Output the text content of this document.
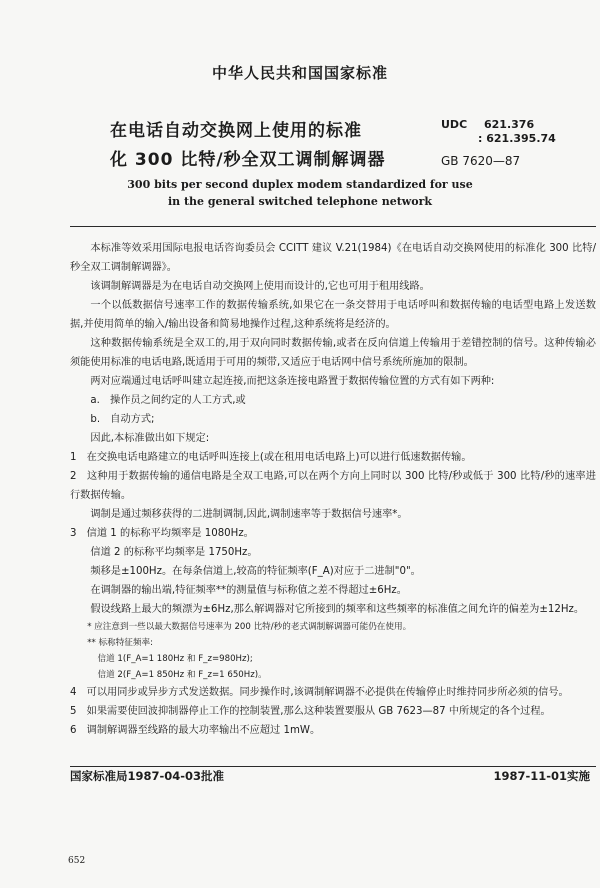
中华人民共和国国家标准
在电话自动交换网上使用的标准
化 300 比特/秒全双工调制解调器
UDC 621.376
: 621.395.74
GB 7620—87
300 bits per second duplex modem standardized for use
in the general switched telephone network

本标准等效采用国际电报电话咨询委员会 CCITT 建议 V.21(1984)《在电话自动交换网使用的标准化 300 比特/秒全双工调制解调器》。

该调制解调器是为在电话自动交换网上使用而设计的,它也可用于租用线路。

一个以低数据信号速率工作的数据传输系统,如果它在一条交替用于电话呼叫和数据传输的电话型电路上发送数据,并使用简单的输入/输出设备和简易地操作过程,这种系统将是经济的。

这种数据传输系统是全双工的,用于双向同时数据传输,或者在反向信道上传输用于差错控制的信号。这种传输必须能使用标准的电话电路,既适用于可用的频带,又适应于电话网中信号系统所施加的限制。

两对应端通过电话呼叫建立起连接,而把这条连接电路置于数据传输位置的方式有如下两种:

a.　操作员之间约定的人工方式,或

b.　自动方式;

因此,本标准做出如下规定:

1　在交换电话电路建立的电话呼叫连接上(或在租用电话电路上)可以进行低速数据传输。

2　这种用于数据传输的通信电路是全双工电路,可以在两个方向上同时以 300 比特/秒或低于 300 比特/秒的速率进行数据传输。

调制是通过频移获得的二进制调制,因此,调制速率等于数据信号速率*。

3　信道 1 的标称平均频率是 1080Hz。

信道 2 的标称平均频率是 1750Hz。

频移是±100Hz。在每条信道上,较高的特征频率(F_A)对应于二进制"0"。

在调制器的输出端,特征频率**的测量值与标称值之差不得超过±6Hz。

假设线路上最大的频漂为±6Hz,那么解调器对它所接到的频率和这些频率的标准值之间允许的偏差为±12Hz。

* 应注意到一些以最大数据信号速率为 200 比特/秒的老式调制解调器可能仍在使用。

** 标称特征频率:

信道 1(F_A=1 180Hz 和 F_z=980Hz);

信道 2(F_A=1 850Hz 和 F_z=1 650Hz)。

4　可以用同步或异步方式发送数据。同步操作时,该调制解调器不必提供在传输停止时维持同步所必须的信号。

5　如果需要使回波抑制器停止工作的控制装置,那么这种装置要服从 GB 7623—87 中所规定的各个过程。

6　调制解调器至线路的最大功率输出不应超过 1mW。

国家标准局1987-04-03批准	1987-11-01实施
652
